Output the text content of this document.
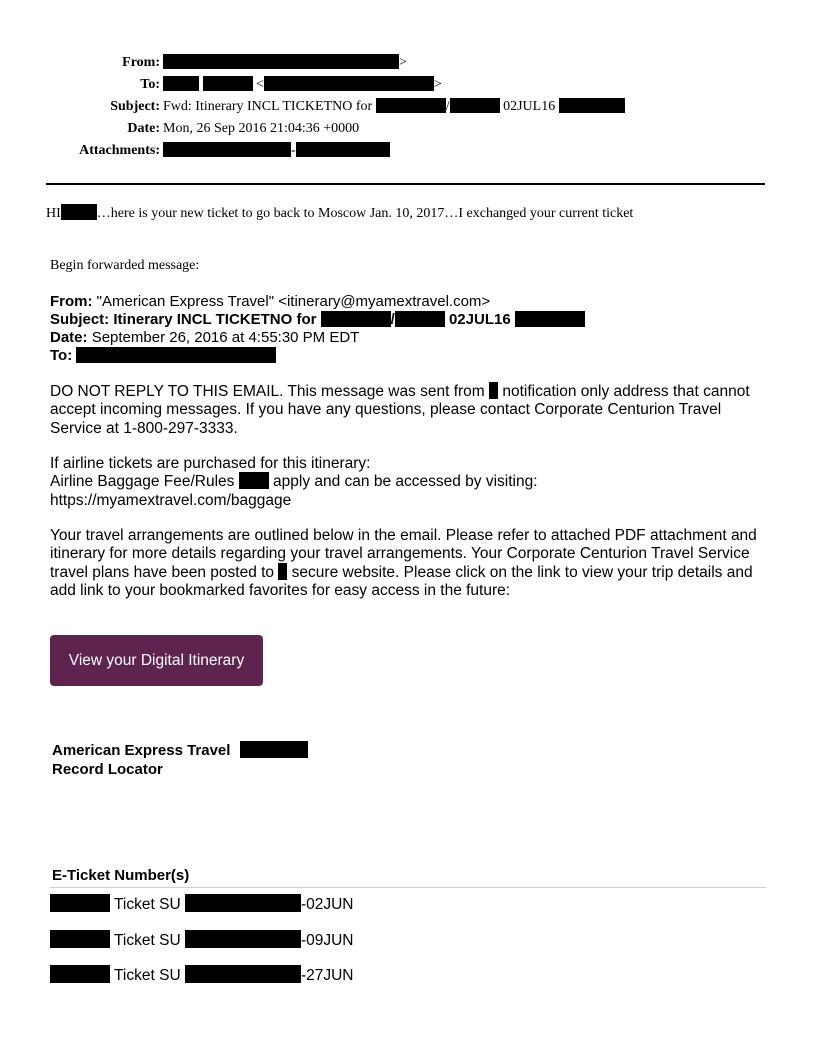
From:	>
To:	<	>
Subject: Fwd: Itinerary INCL TICKETNO for	/	02JUL16
Date: Mon, 26 Sep 2016 21:04:36 +0000
Attachments:	-
HI	…here is your new ticket to go back to Moscow Jan. 10, 2017…I exchanged your current ticket
Begin forwarded message:
From: "American Express Travel" <itinerary@myamextravel.com>
Subject: Itinerary INCL TICKETNO for	/	02JUL16
Date: September 26, 2016 at 4:55:30 PM EDT
To:
DO NOT REPLY TO THIS EMAIL. This message was sent from notification only address that cannot accept incoming messages. If you have any questions, please contact Corporate Centurion Travel Service at 1-800-297-3333.
If airline tickets are purchased for this itinerary:
Airline Baggage Fee/Rules apply and can be accessed by visiting:
https://myamextravel.com/baggage
Your travel arrangements are outlined below in the email. Please refer to attached PDF attachment and itinerary for more details regarding your travel arrangements. Your Corporate Centurion Travel Service travel plans have been posted to secure website. Please click on the link to view your trip details and add link to your bookmarked favorites for easy access in the future:
View your Digital Itinerary
American Express Travel
Record Locator
E-Ticket Number(s)
Ticket SU	-02JUN
Ticket SU	-09JUN
Ticket SU	-27JUN
